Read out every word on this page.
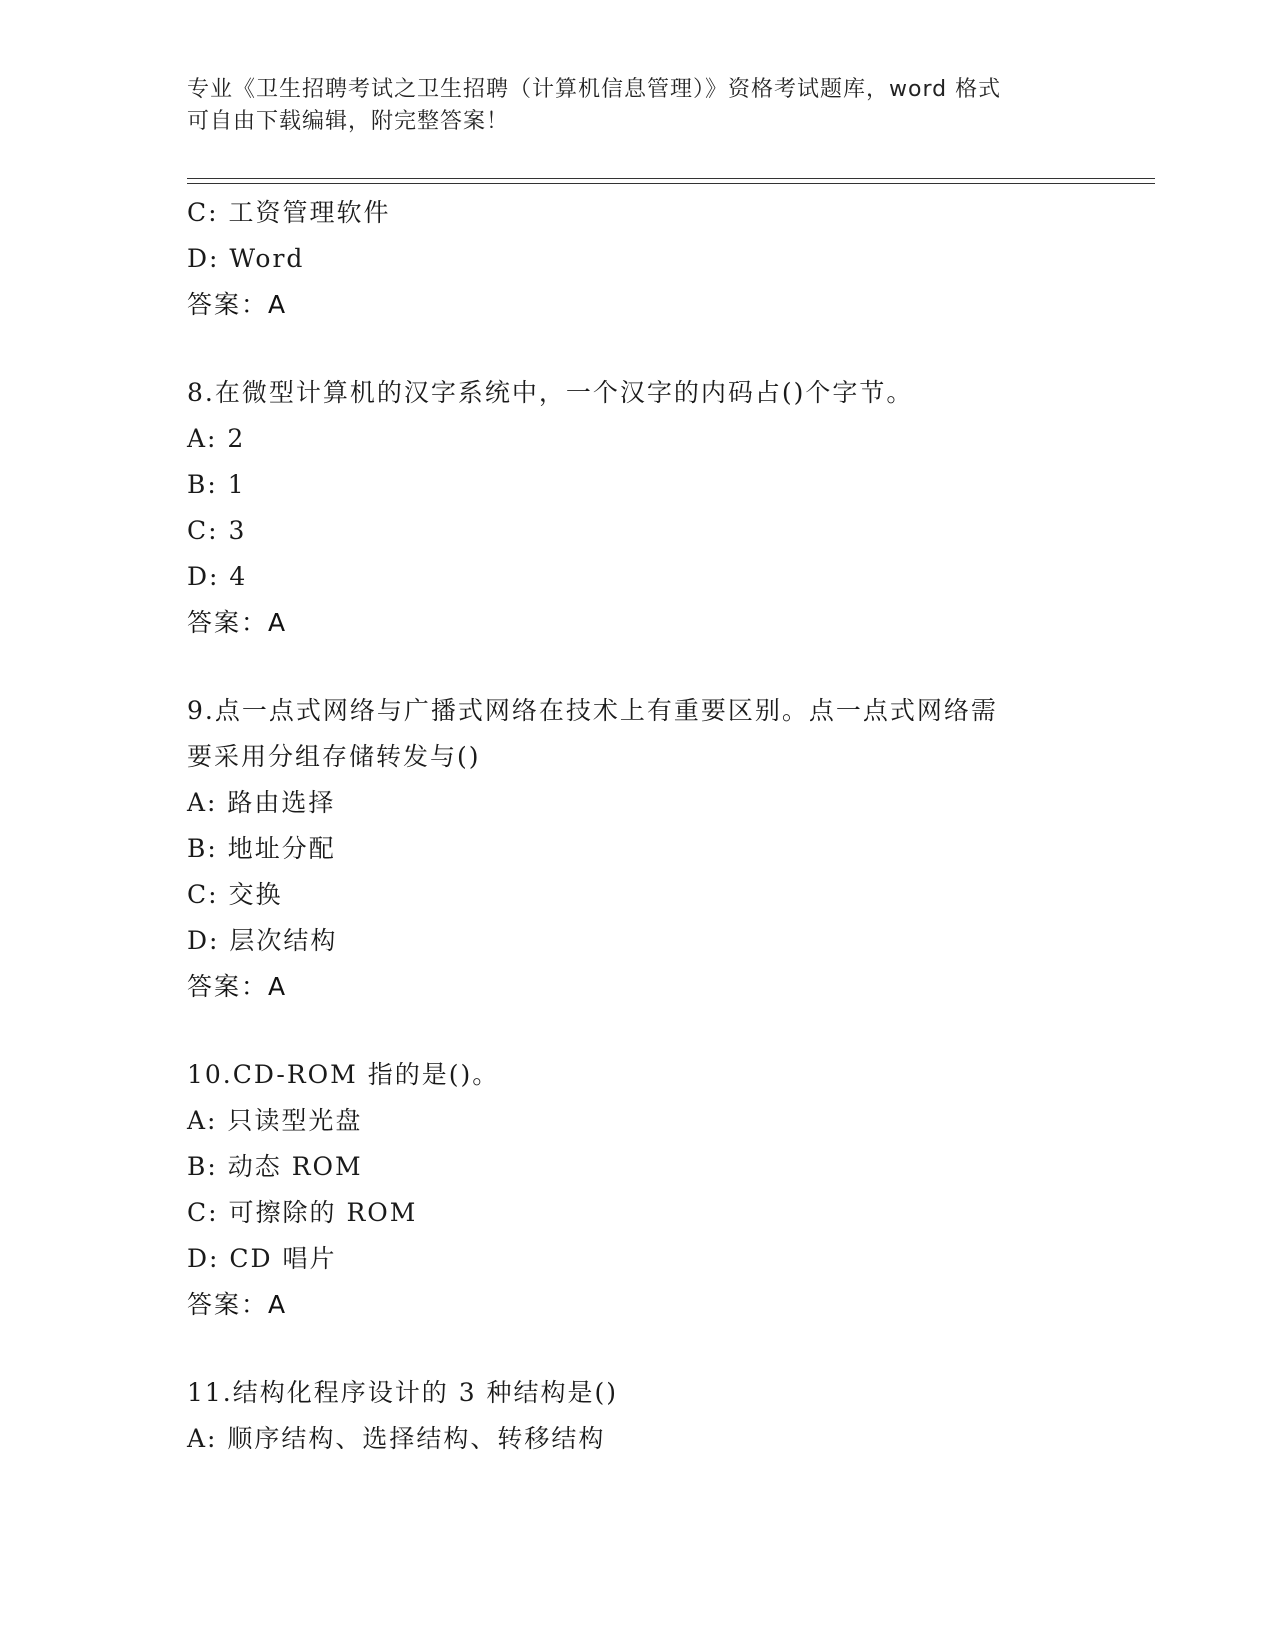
专业《卫生招聘考试之卫生招聘（计算机信息管理）》资格考试题库，word 格式
可自由下载编辑，附完整答案！
C: 工资管理软件
D: Word
答案：A
8.在微型计算机的汉字系统中，一个汉字的内码占()个字节。
A: 2
B: 1
C: 3
D: 4
答案：A
9.点一点式网络与广播式网络在技术上有重要区别。点一点式网络需
要采用分组存储转发与()
A: 路由选择
B: 地址分配
C: 交换
D: 层次结构
答案：A
10.CD-ROM 指的是()。
A: 只读型光盘
B: 动态 ROM
C: 可擦除的 ROM
D: CD 唱片
答案：A
11.结构化程序设计的 3 种结构是()
A: 顺序结构、选择结构、转移结构
